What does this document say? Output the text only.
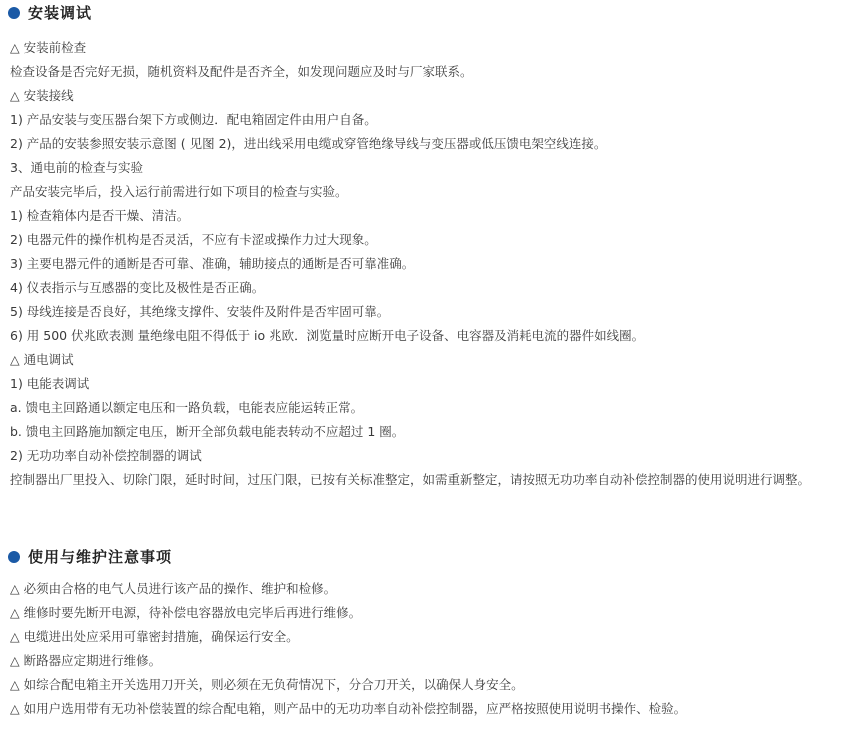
安装调试
△ 安装前检查
检查设备是否完好无损，随机资料及配件是否齐全，如发现问题应及时与厂家联系。
△ 安装接线
1) 产品安装与变压器台架下方或侧边．配电箱固定件由用户自备。
2) 产品的安装参照安装示意图 ( 见图 2)，进出线采用电缆或穿管绝缘导线与变压器或低压馈电架空线连接。
3、通电前的检查与实验
产品安装完毕后，投入运行前需进行如下项目的检查与实验。
1) 检查箱体内是否干燥、清洁。
2) 电器元件的操作机构是否灵活，不应有卡涩或操作力过大现象。
3) 主要电器元件的通断是否可靠、准确，辅助接点的通断是否可靠准确。
4) 仪表指示与互感器的变比及极性是否正确。
5) 母线连接是否良好，其绝缘支撑件、安装件及附件是否牢固可靠。
6) 用 500 伏兆欧表测 量绝缘电阻不得低于 io 兆欧．浏览量时应断开电子设备、电容器及消耗电流的器件如线圈。
△ 通电调试
1) 电能表调试
a. 馈电主回路通以额定电压和一路负载，电能表应能运转正常。
b. 馈电主回路施加额定电压，断开全部负载电能表转动不应超过 1 圈。
2) 无功功率自动补偿控制器的调试
控制器出厂里投入、切除门限，延时时间，过压门限，已按有关标准整定，如需重新整定，请按照无功功率自动补偿控制器的使用说明进行调整。
使用与维护注意事项
△ 必须由合格的电气人员进行该产品的操作、维护和检修。
△ 维修时要先断开电源，待补偿电容器放电完毕后再进行维修。
△ 电缆进出处应采用可靠密封措施，确保运行安全。
△ 断路器应定期进行维修。
△ 如综合配电箱主开关选用刀开关，则必须在无负荷情况下，分合刀开关，以确保人身安全。
△ 如用户选用带有无功补偿装置的综合配电箱，则产品中的无功功率自动补偿控制器，应严格按照使用说明书操作、检验。
